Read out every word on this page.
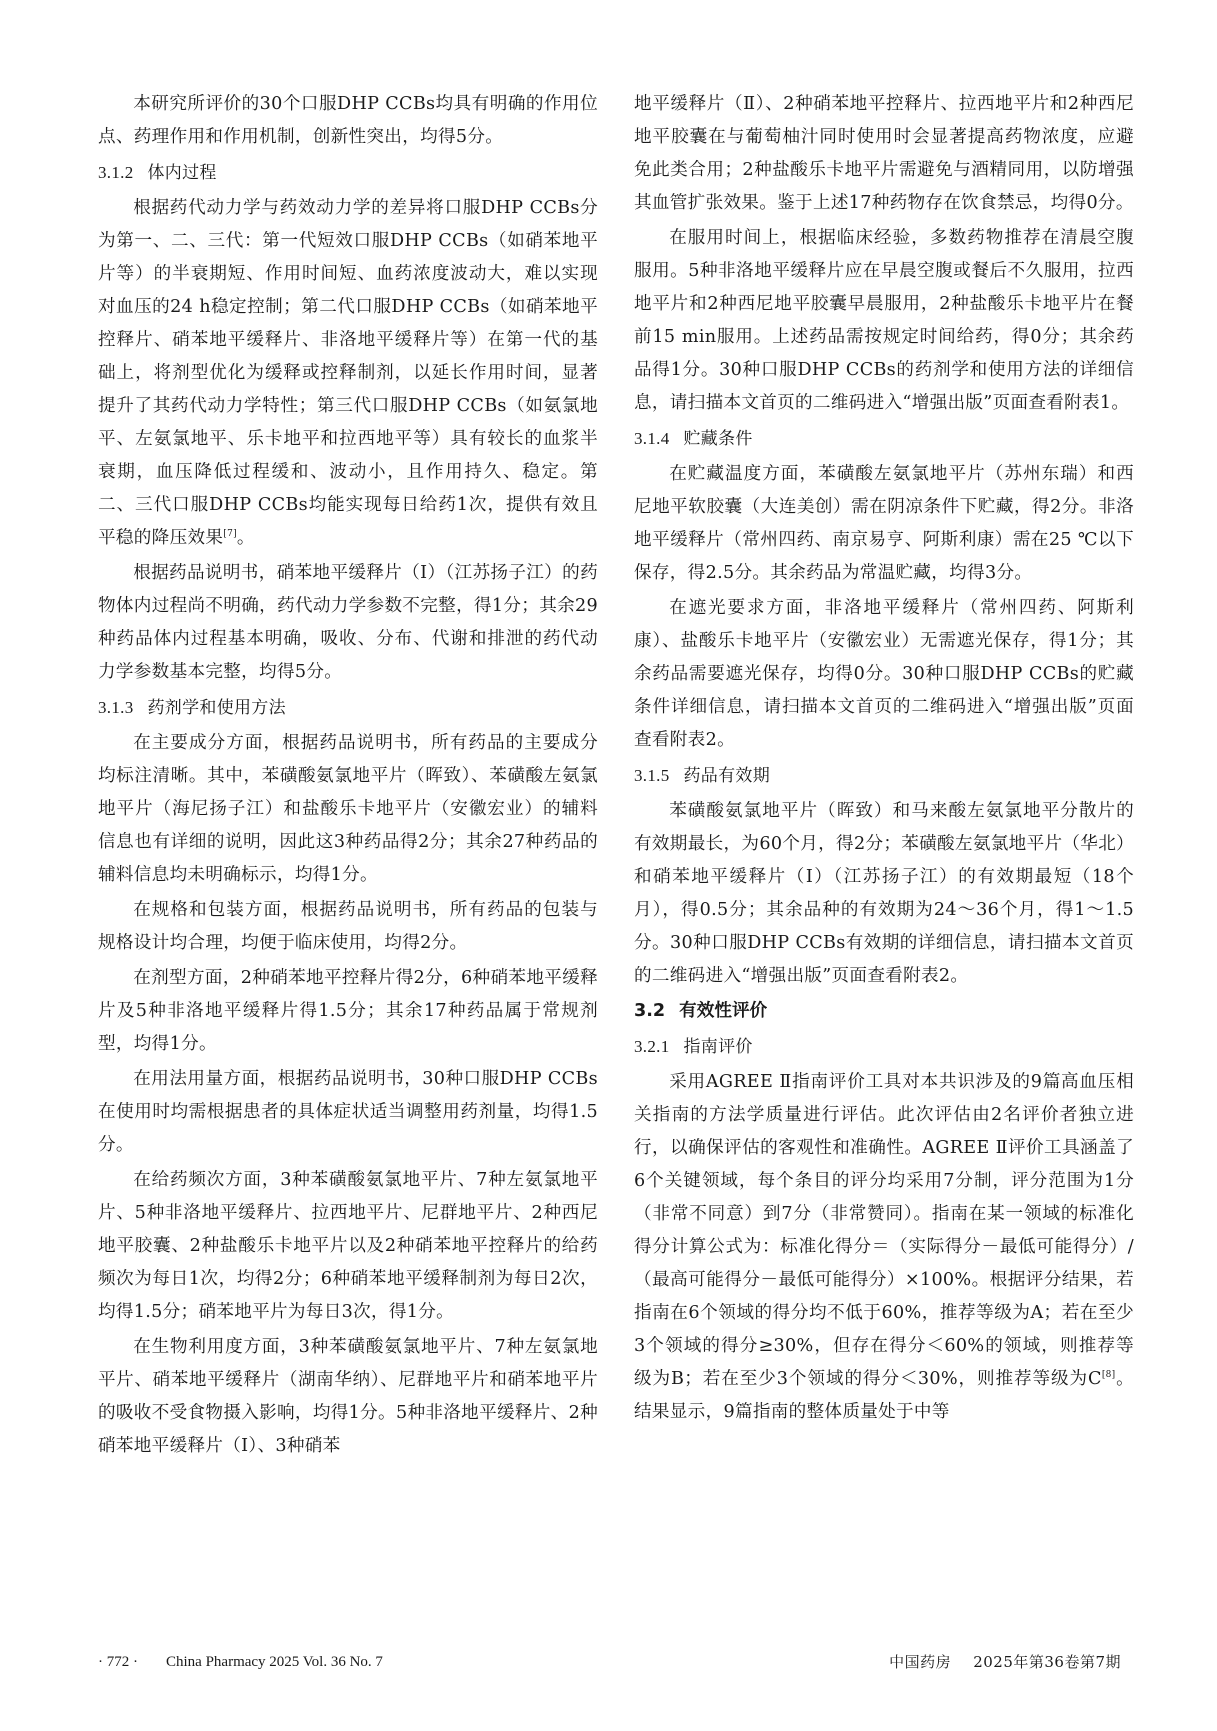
本研究所评价的30个口服DHP CCBs均具有明确的作用位点、药理作用和作用机制，创新性突出，均得5分。

3.1.2 体内过程

根据药代动力学与药效动力学的差异将口服DHP CCBs分为第一、二、三代：第一代短效口服DHP CCBs（如硝苯地平片等）的半衰期短、作用时间短、血药浓度波动大，难以实现对血压的24 h稳定控制；第二代口服DHP CCBs（如硝苯地平控释片、硝苯地平缓释片、非洛地平缓释片等）在第一代的基础上，将剂型优化为缓释或控释制剂，以延长作用时间，显著提升了其药代动力学特性；第三代口服DHP CCBs（如氨氯地平、左氨氯地平、乐卡地平和拉西地平等）具有较长的血浆半衰期，血压降低过程缓和、波动小，且作用持久、稳定。第二、三代口服DHP CCBs均能实现每日给药1次，提供有效且平稳的降压效果[7]。

根据药品说明书，硝苯地平缓释片（Ⅰ）（江苏扬子江）的药物体内过程尚不明确，药代动力学参数不完整，得1分；其余29种药品体内过程基本明确，吸收、分布、代谢和排泄的药代动力学参数基本完整，均得5分。

3.1.3 药剂学和使用方法

在主要成分方面，根据药品说明书，所有药品的主要成分均标注清晰。其中，苯磺酸氨氯地平片（晖致）、苯磺酸左氨氯地平片（海尼扬子江）和盐酸乐卡地平片（安徽宏业）的辅料信息也有详细的说明，因此这3种药品得2分；其余27种药品的辅料信息均未明确标示，均得1分。

在规格和包装方面，根据药品说明书，所有药品的包装与规格设计均合理，均便于临床使用，均得2分。

在剂型方面，2种硝苯地平控释片得2分，6种硝苯地平缓释片及5种非洛地平缓释片得1.5分；其余17种药品属于常规剂型，均得1分。

在用法用量方面，根据药品说明书，30种口服DHP CCBs在使用时均需根据患者的具体症状适当调整用药剂量，均得1.5分。

在给药频次方面，3种苯磺酸氨氯地平片、7种左氨氯地平片、5种非洛地平缓释片、拉西地平片、尼群地平片、2种西尼地平胶囊、2种盐酸乐卡地平片以及2种硝苯地平控释片的给药频次为每日1次，均得2分；6种硝苯地平缓释制剂为每日2次，均得1.5分；硝苯地平片为每日3次，得1分。

在生物利用度方面，3种苯磺酸氨氯地平片、7种左氨氯地平片、硝苯地平缓释片（湖南华纳）、尼群地平片和硝苯地平片的吸收不受食物摄入影响，均得1分。5种非洛地平缓释片、2种硝苯地平缓释片（Ⅰ）、3种硝苯

地平缓释片（Ⅱ）、2种硝苯地平控释片、拉西地平片和2种西尼地平胶囊在与葡萄柚汁同时使用时会显著提高药物浓度，应避免此类合用；2种盐酸乐卡地平片需避免与酒精同用，以防增强其血管扩张效果。鉴于上述17种药物存在饮食禁忌，均得0分。

在服用时间上，根据临床经验，多数药物推荐在清晨空腹服用。5种非洛地平缓释片应在早晨空腹或餐后不久服用，拉西地平片和2种西尼地平胶囊早晨服用，2种盐酸乐卡地平片在餐前15 min服用。上述药品需按规定时间给药，得0分；其余药品得1分。30种口服DHP CCBs的药剂学和使用方法的详细信息，请扫描本文首页的二维码进入“增强出版”页面查看附表1。

3.1.4 贮藏条件

在贮藏温度方面，苯磺酸左氨氯地平片（苏州东瑞）和西尼地平软胶囊（大连美创）需在阴凉条件下贮藏，得2分。非洛地平缓释片（常州四药、南京易亨、阿斯利康）需在25 ℃以下保存，得2.5分。其余药品为常温贮藏，均得3分。

在遮光要求方面，非洛地平缓释片（常州四药、阿斯利康）、盐酸乐卡地平片（安徽宏业）无需遮光保存，得1分；其余药品需要遮光保存，均得0分。30种口服DHP CCBs的贮藏条件详细信息，请扫描本文首页的二维码进入“增强出版”页面查看附表2。

3.1.5 药品有效期

苯磺酸氨氯地平片（晖致）和马来酸左氨氯地平分散片的有效期最长，为60个月，得2分；苯磺酸左氨氯地平片（华北）和硝苯地平缓释片（Ⅰ）（江苏扬子江）的有效期最短（18个月），得0.5分；其余品种的有效期为24～36个月，得1～1.5分。30种口服DHP CCBs有效期的详细信息，请扫描本文首页的二维码进入“增强出版”页面查看附表2。

3.2 有效性评价
3.2.1 指南评价

采用AGREE Ⅱ指南评价工具对本共识涉及的9篇高血压相关指南的方法学质量进行评估。此次评估由2名评价者独立进行，以确保评估的客观性和准确性。AGREE Ⅱ评价工具涵盖了6个关键领域，每个条目的评分均采用7分制，评分范围为1分（非常不同意）到7分（非常赞同）。指南在某一领域的标准化得分计算公式为：标准化得分＝（实际得分－最低可能得分）/（最高可能得分－最低可能得分）×100%。根据评分结果，若指南在6个领域的得分均不低于60%，推荐等级为A；若在至少3个领域的得分≥30%，但存在得分＜60%的领域，则推荐等级为B；若在至少3个领域的得分＜30%，则推荐等级为C[8]。结果显示，9篇指南的整体质量处于中等

· 772 · China Pharmacy 2025 Vol. 36 No. 7	中国药房 2025年第36卷第7期
